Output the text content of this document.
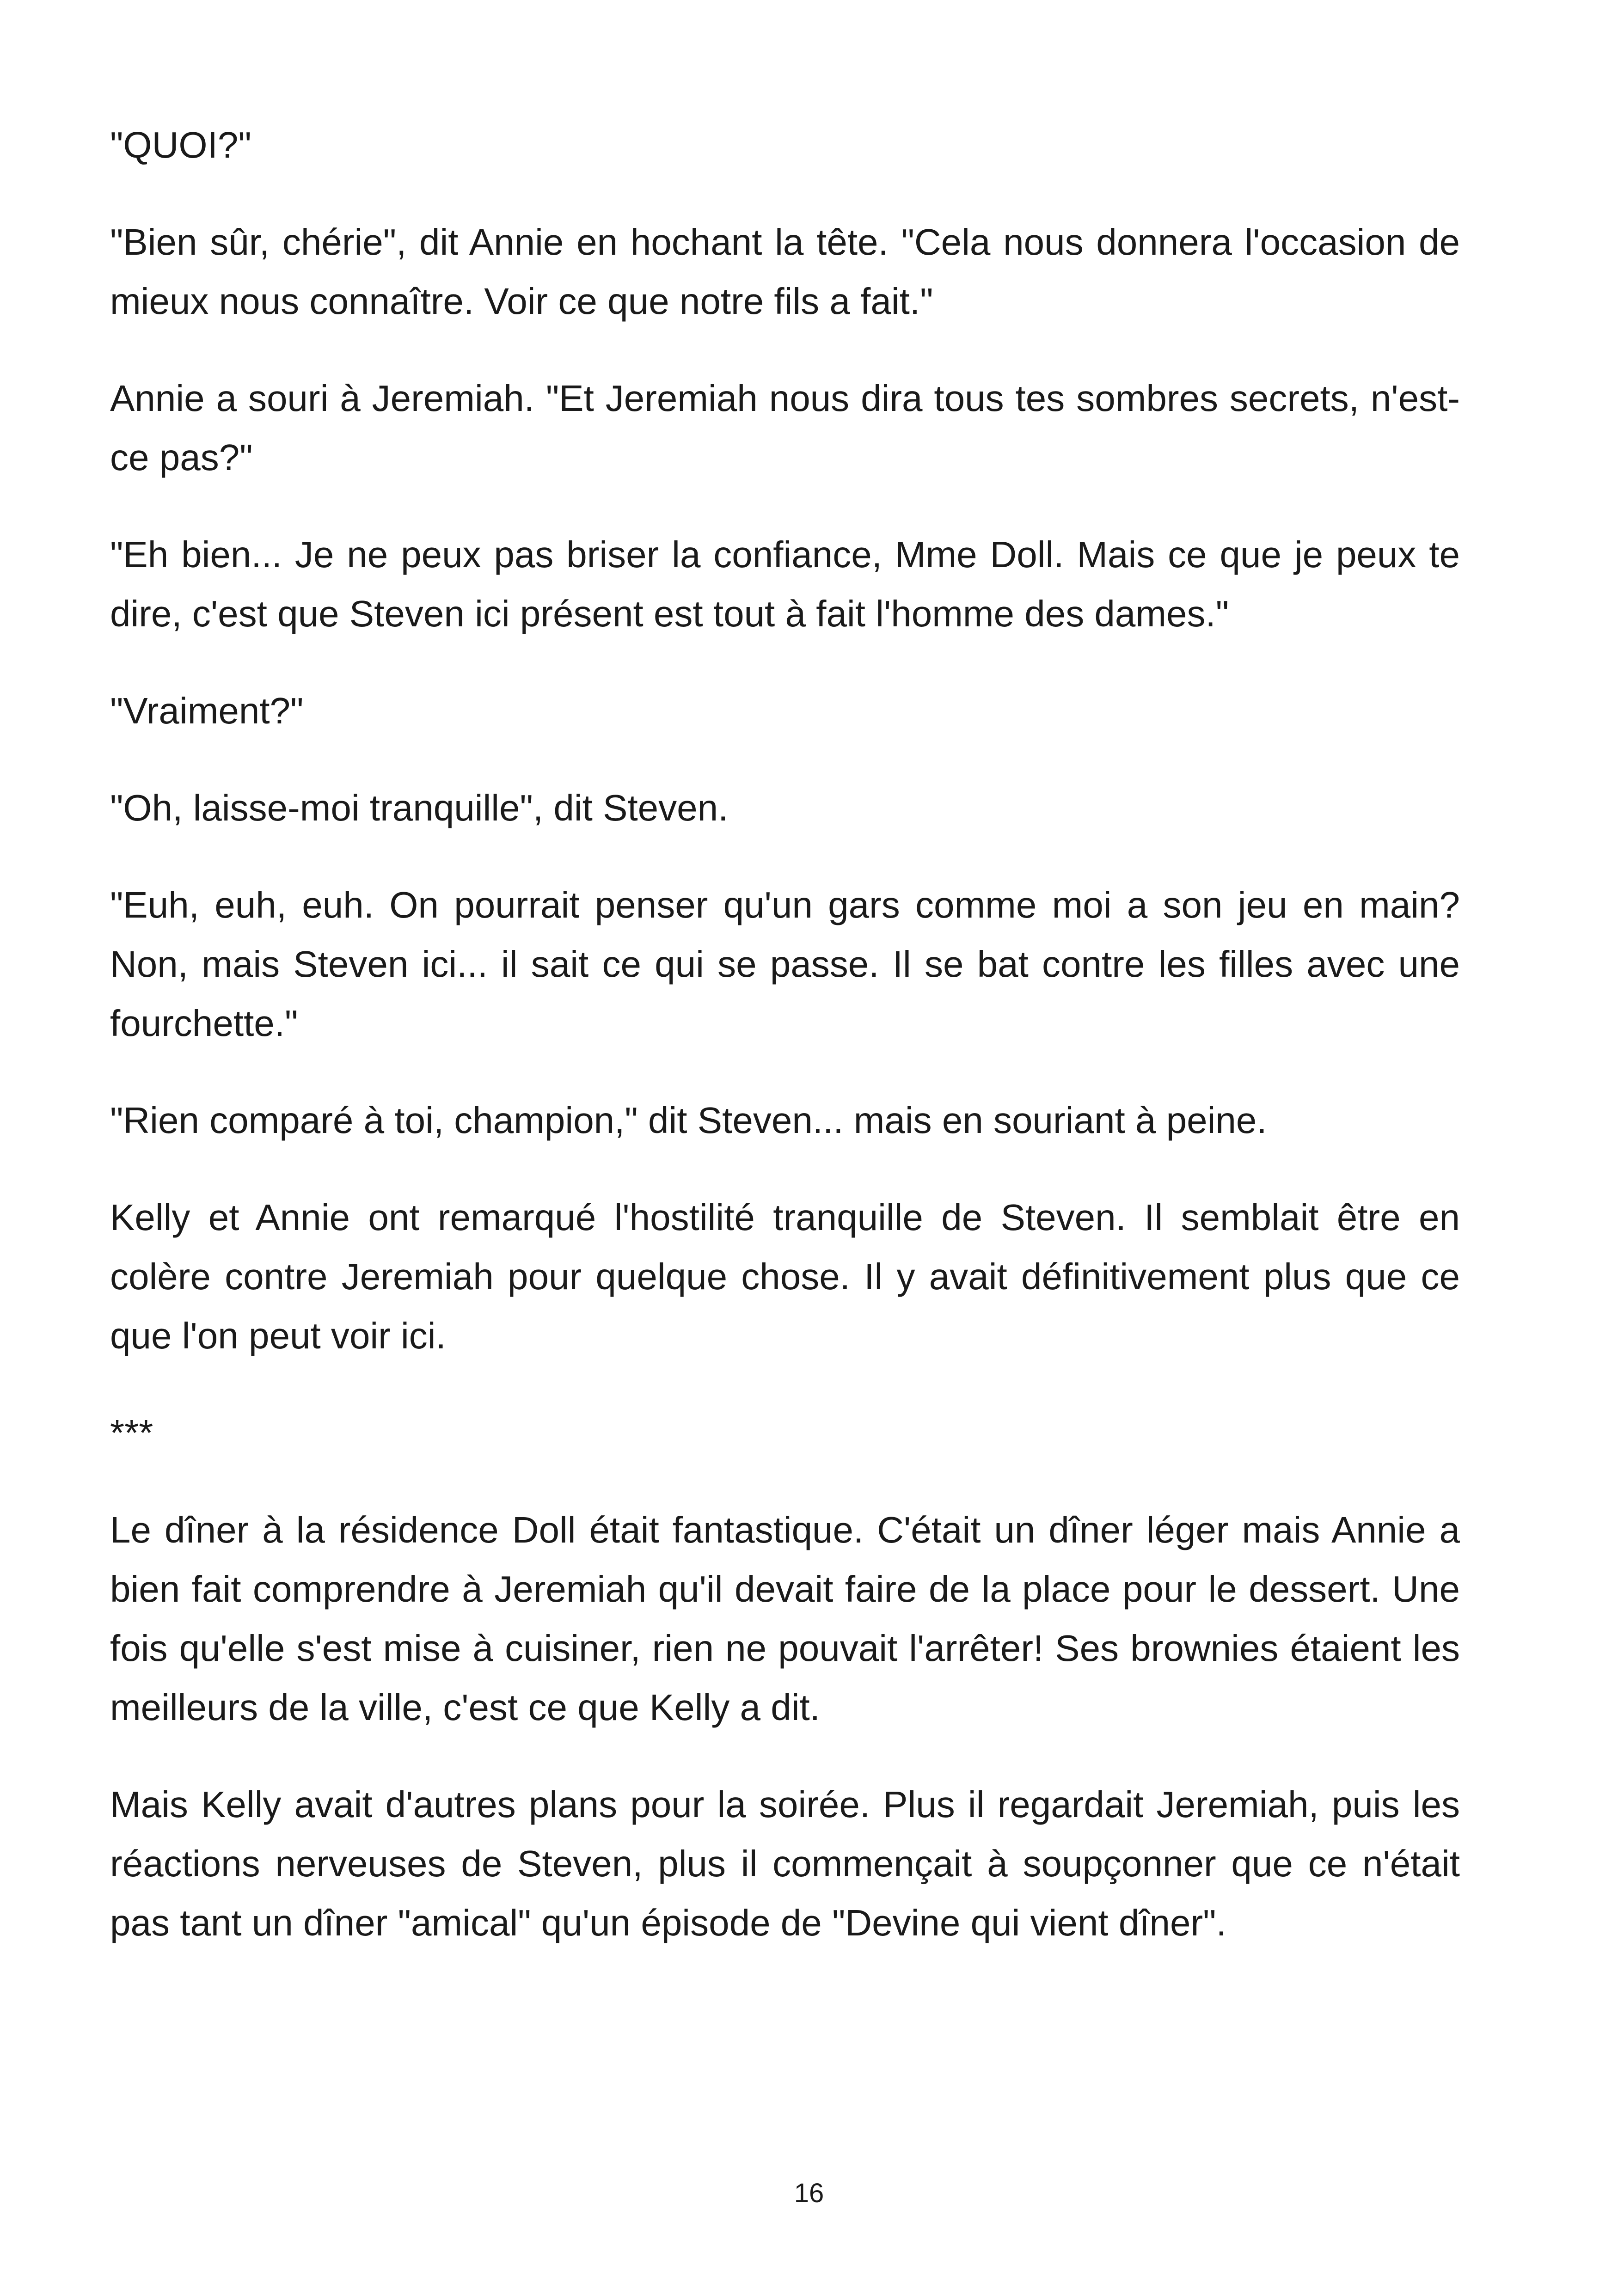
"QUOI?"

"Bien sûr, chérie", dit Annie en hochant la tête. "Cela nous donnera l'occasion de mieux nous connaître. Voir ce que notre fils a fait."

Annie a souri à Jeremiah. "Et Jeremiah nous dira tous tes sombres secrets, n'est-ce pas?"

"Eh bien... Je ne peux pas briser la confiance, Mme Doll. Mais ce que je peux te dire, c'est que Steven ici présent est tout à fait l'homme des dames."

"Vraiment?"

"Oh, laisse-moi tranquille", dit Steven.

"Euh, euh, euh. On pourrait penser qu'un gars comme moi a son jeu en main? Non, mais Steven ici... il sait ce qui se passe. Il se bat contre les filles avec une fourchette."

"Rien comparé à toi, champion," dit Steven... mais en souriant à peine.

Kelly et Annie ont remarqué l'hostilité tranquille de Steven. Il semblait être en colère contre Jeremiah pour quelque chose. Il y avait définitivement plus que ce que l'on peut voir ici.

***

Le dîner à la résidence Doll était fantastique. C'était un dîner léger mais Annie a bien fait comprendre à Jeremiah qu'il devait faire de la place pour le dessert. Une fois qu'elle s'est mise à cuisiner, rien ne pouvait l'arrêter! Ses brownies étaient les meilleurs de la ville, c'est ce que Kelly a dit.

Mais Kelly avait d'autres plans pour la soirée. Plus il regardait Jeremiah, puis les réactions nerveuses de Steven, plus il commençait à soupçonner que ce n'était pas tant un dîner "amical" qu'un épisode de "Devine qui vient dîner".

16
